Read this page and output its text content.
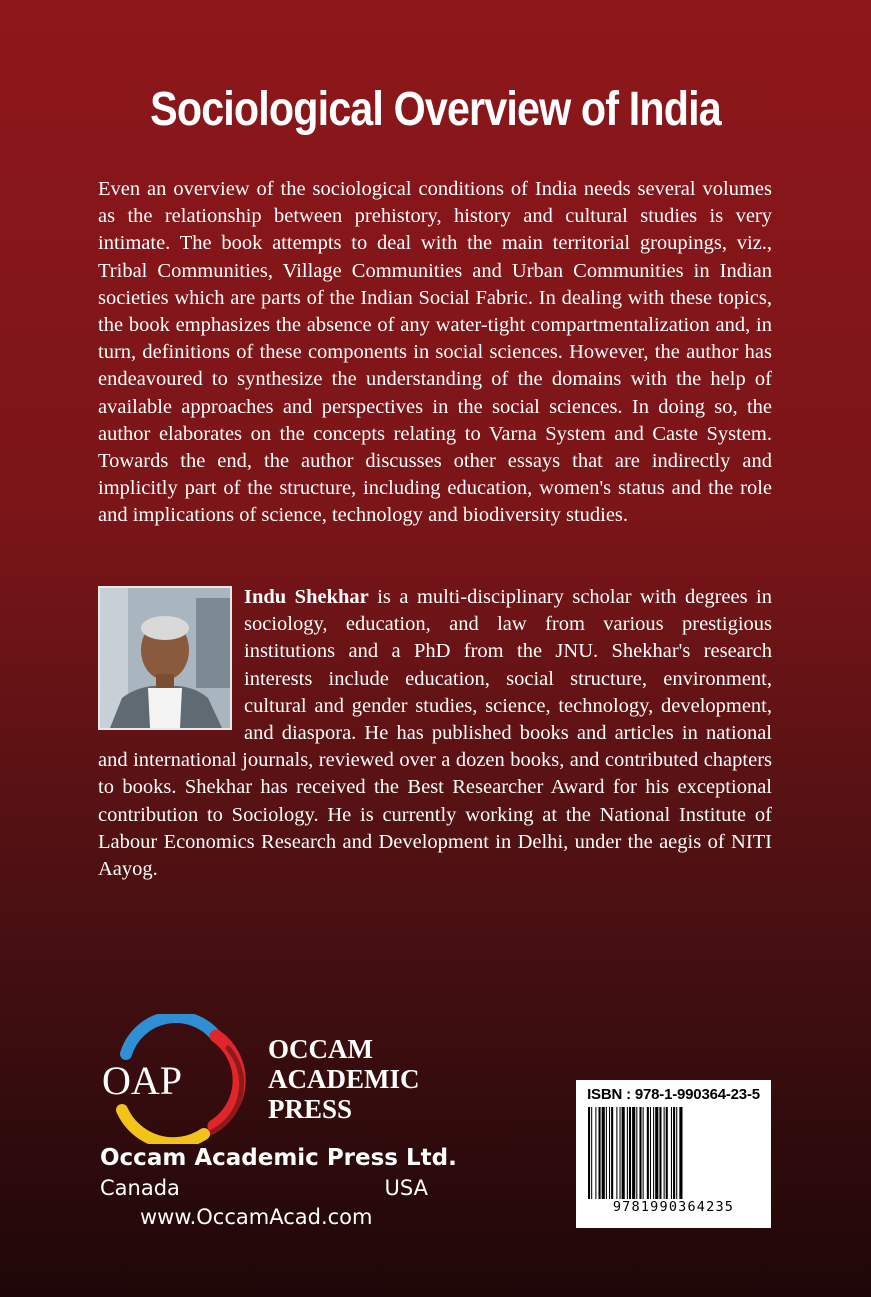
Sociological Overview of India

Even an overview of the sociological conditions of India needs several volumes as the relationship between prehistory, history and cultural studies is very intimate. The book attempts to deal with the main territorial groupings, viz., Tribal Communities, Village Communities and Urban Communities in Indian societies which are parts of the Indian Social Fabric. In dealing with these topics, the book emphasizes the absence of any water-tight compartmentalization and, in turn, definitions of these components in social sciences. However, the author has endeavoured to synthesize the understanding of the domains with the help of available approaches and perspectives in the social sciences. In doing so, the author elaborates on the concepts relating to Varna System and Caste System. Towards the end, the author discusses other essays that are indirectly and implicitly part of the structure, including education, women's status and the role and implications of science, technology and biodiversity studies.

Indu Shekhar is a multi-disciplinary scholar with degrees in sociology, education, and law from various prestigious institutions and a PhD from the JNU. Shekhar's research interests include education, social structure, environment, cultural and gender studies, science, technology, development, and diaspora. He has published books and articles in national and international journals, reviewed over a dozen books, and contributed chapters to books. Shekhar has received the Best Researcher Award for his exceptional contribution to Sociology. He is currently working at the National Institute of Labour Economics Research and Development in Delhi, under the aegis of NITI Aayog.
OAP
OCCAM
ACADEMIC
PRESS
Occam Academic Press Ltd.
Canada	USA
www.OccamAcad.com
ISBN : 978-1-990364-23-5
9781990364235
